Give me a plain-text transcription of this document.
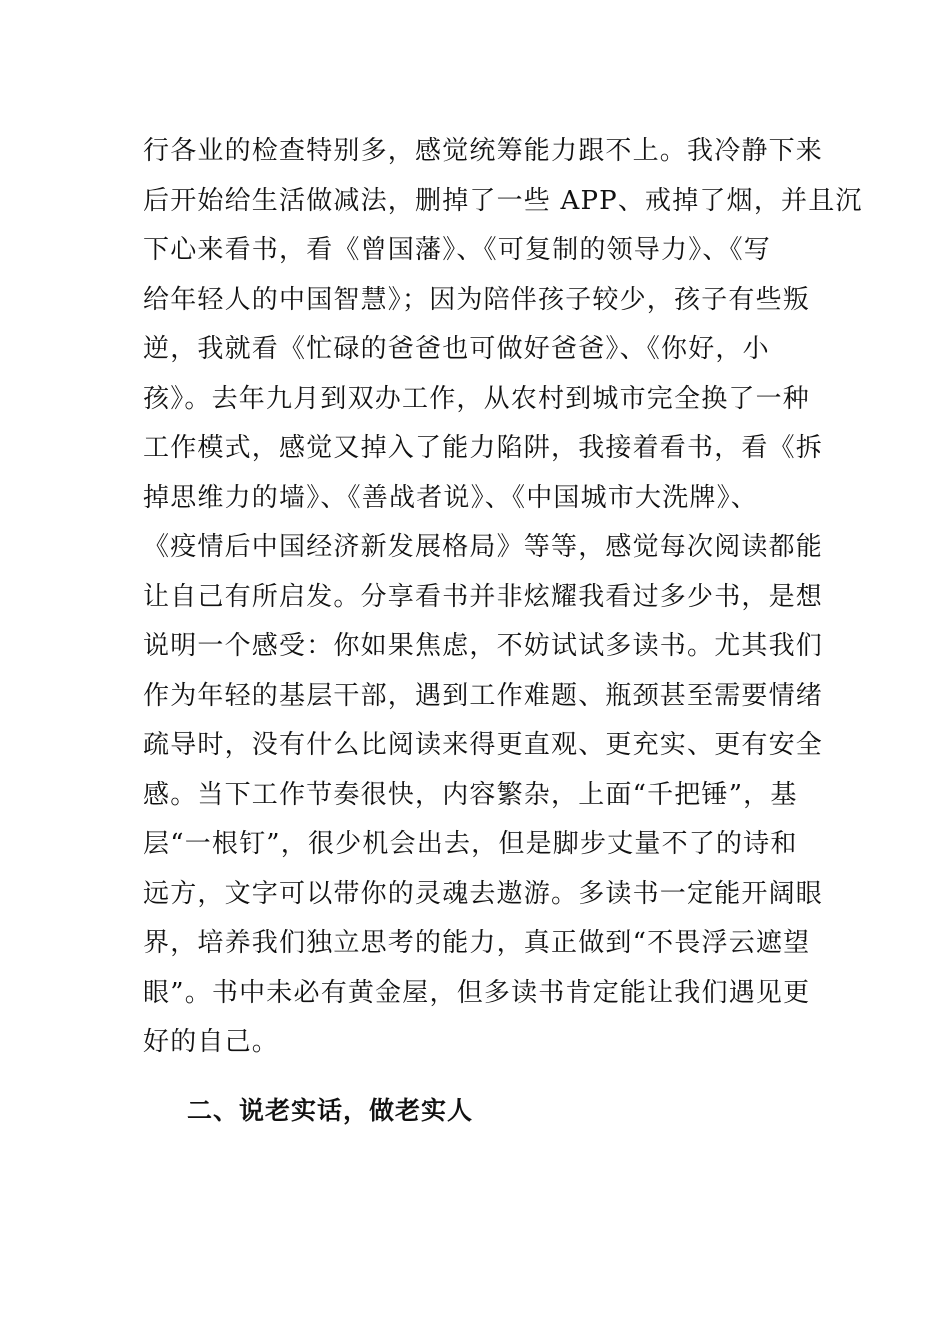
行各业的检查特别多，感觉统筹能力跟不上。我冷静下来
后开始给生活做减法，删掉了一些 APP、戒掉了烟，并且沉
下心来看书，看《曾国藩》、《可复制的领导力》、《写
给年轻人的中国智慧》；因为陪伴孩子较少，孩子有些叛
逆，我就看《忙碌的爸爸也可做好爸爸》、《你好，小
孩》。去年九月到双办工作，从农村到城市完全换了一种
工作模式，感觉又掉入了能力陷阱，我接着看书，看《拆
掉思维力的墙》、《善战者说》、《中国城市大洗牌》、
《疫情后中国经济新发展格局》等等，感觉每次阅读都能
让自己有所启发。分享看书并非炫耀我看过多少书，是想
说明一个感受：你如果焦虑，不妨试试多读书。尤其我们
作为年轻的基层干部，遇到工作难题、瓶颈甚至需要情绪
疏导时，没有什么比阅读来得更直观、更充实、更有安全
感。当下工作节奏很快，内容繁杂，上面“千把锤”，基
层“一根钉”，很少机会出去，但是脚步丈量不了的诗和
远方，文字可以带你的灵魂去遨游。多读书一定能开阔眼
界，培养我们独立思考的能力，真正做到“不畏浮云遮望
眼”。书中未必有黄金屋，但多读书肯定能让我们遇见更
好的自己。
二、说老实话，做老实人
